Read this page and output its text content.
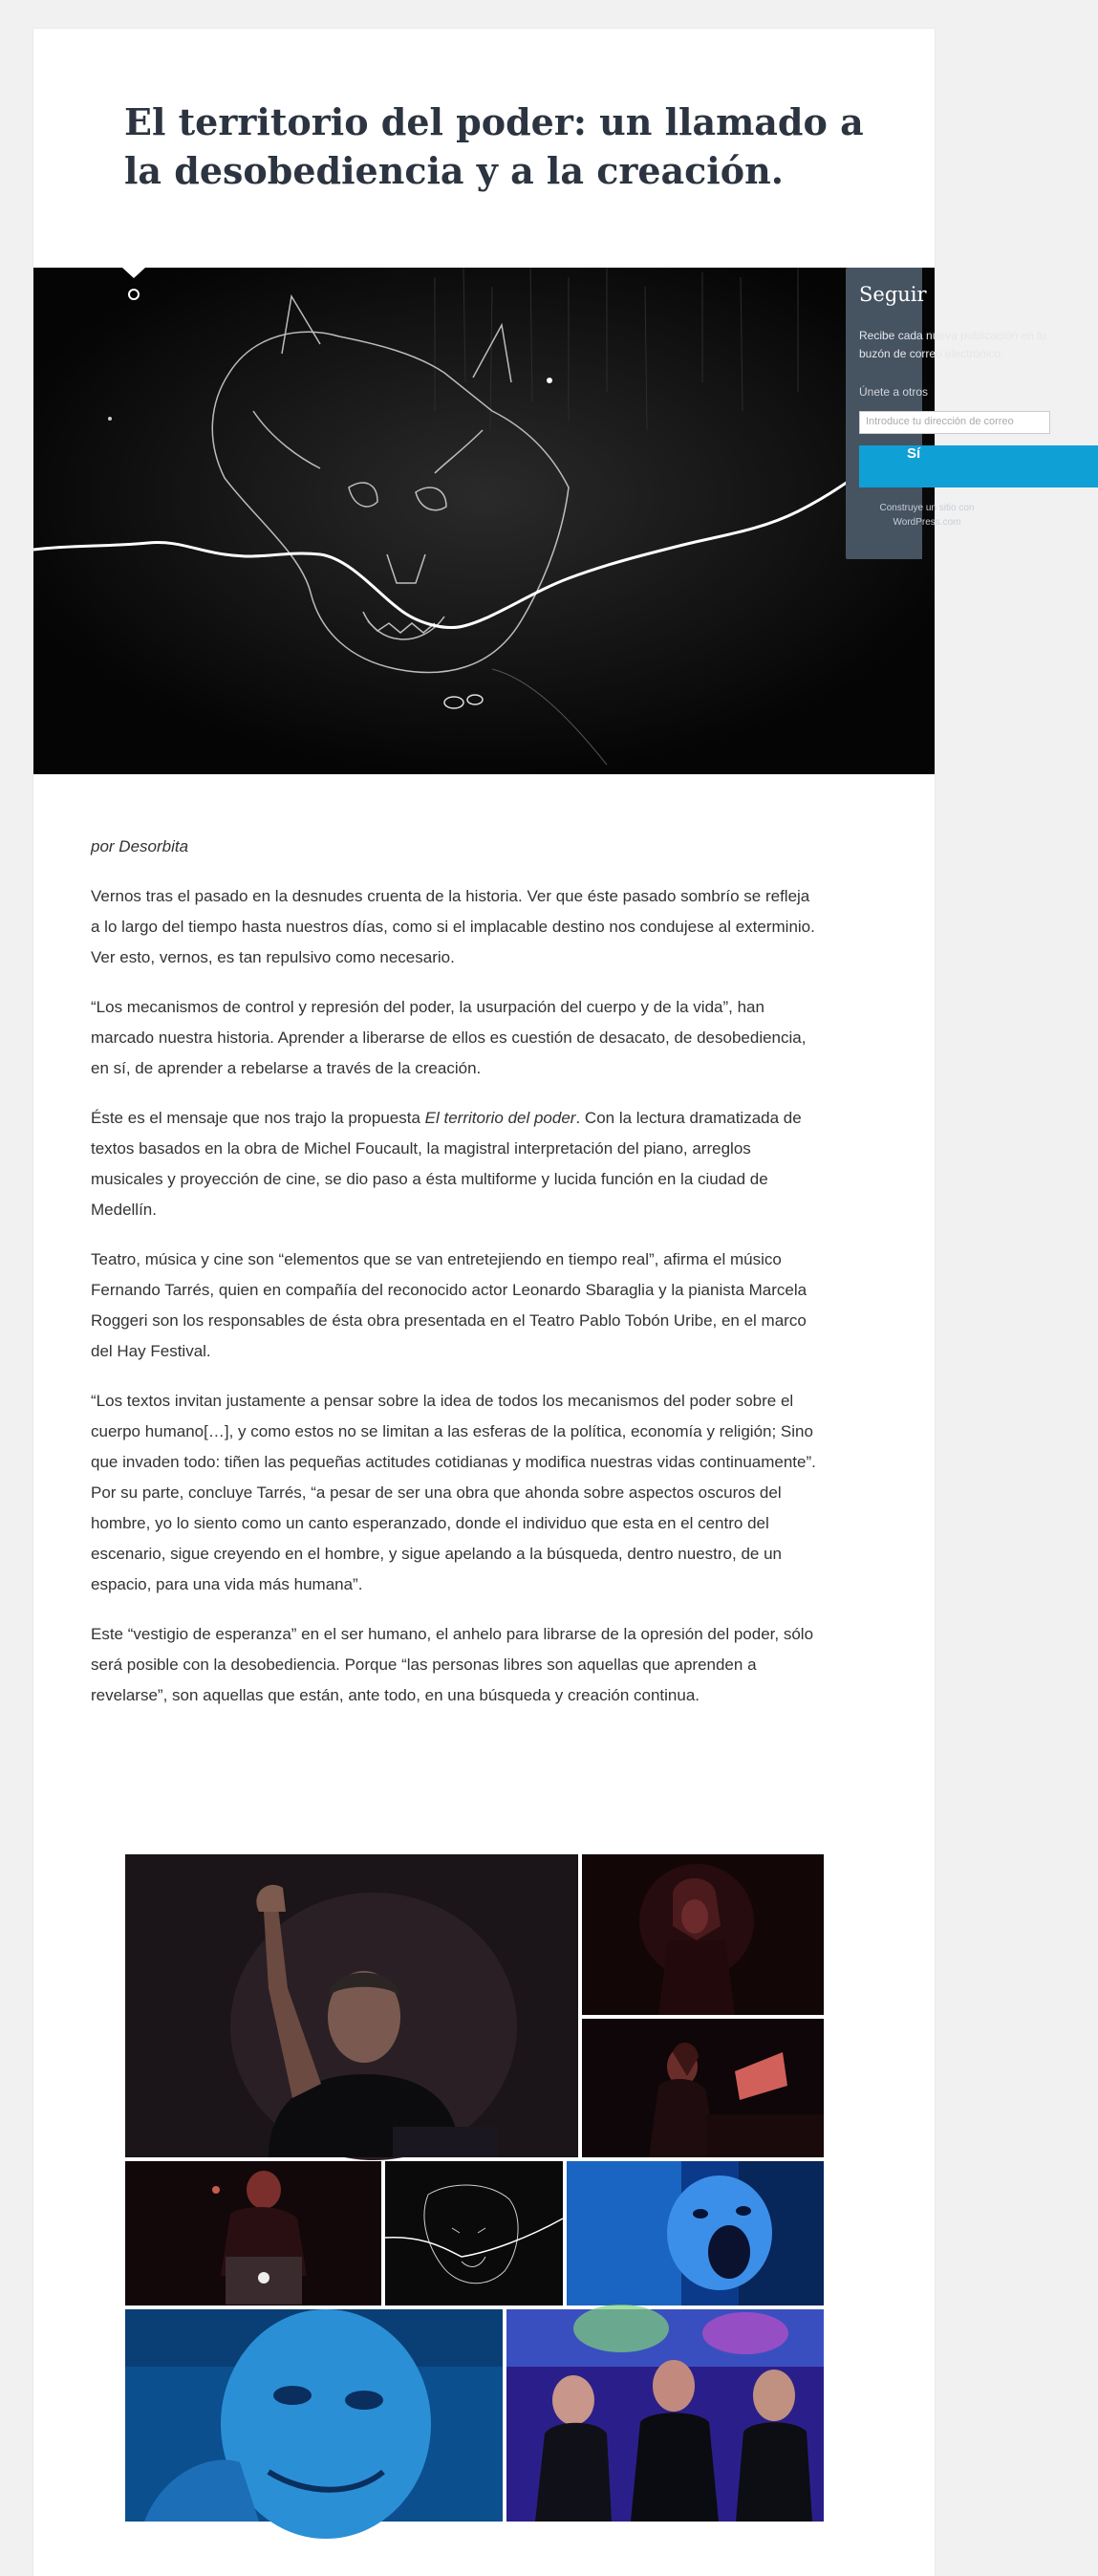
El territorio del poder: un llamado a la desobediencia y a la creación.
Seguir
Recibe cada nueva publicación en tu buzón de correo electrónico.
Únete a otros
Introduce tu dirección de correo
Sí
Construye un sitio con WordPress.com

por Desorbita

Vernos tras el pasado en la desnudes cruenta de la historia. Ver que éste pasado sombrío se refleja a lo largo del tiempo hasta nuestros días, como si el implacable destino nos condujese al exterminio. Ver esto, vernos, es tan repulsivo como necesario.

“Los mecanismos de control y represión del poder, la usurpación del cuerpo y de la vida”, han marcado nuestra historia. Aprender a liberarse de ellos es cuestión de desacato, de desobediencia, en sí, de aprender a rebelarse a través de la creación.

Éste es el mensaje que nos trajo la propuesta El territorio del poder. Con la lectura dramatizada de textos basados en la obra de Michel Foucault, la magistral interpretación del piano, arreglos musicales y proyección de cine, se dio paso a ésta multiforme y lucida función en la ciudad de Medellín.

Teatro, música y cine son “elementos que se van entretejiendo en tiempo real”, afirma el músico Fernando Tarrés, quien en compañía del reconocido actor Leonardo Sbaraglia y la pianista Marcela Roggeri son los responsables de ésta obra presentada en el Teatro Pablo Tobón Uribe, en el marco del Hay Festival.

“Los textos invitan justamente a pensar sobre la idea de todos los mecanismos del poder sobre el cuerpo humano[…], y como estos no se limitan a las esferas de la política, economía y religión; Sino que invaden todo: tiñen las pequeñas actitudes cotidianas y modifica nuestras vidas continuamente”. Por su parte, concluye Tarrés, “a pesar de ser una obra que ahonda sobre aspectos oscuros del hombre, yo lo siento como un canto esperanzado, donde el individuo que esta en el centro del escenario, sigue creyendo en el hombre, y sigue apelando a la búsqueda, dentro nuestro, de un espacio, para una vida más humana”.

Este “vestigio de esperanza” en el ser humano, el anhelo para librarse de la opresión del poder, sólo será posible con la desobediencia. Porque “las personas libres son aquellas que aprenden a revelarse”, son aquellas que están, ante todo, en una búsqueda y creación continua.
